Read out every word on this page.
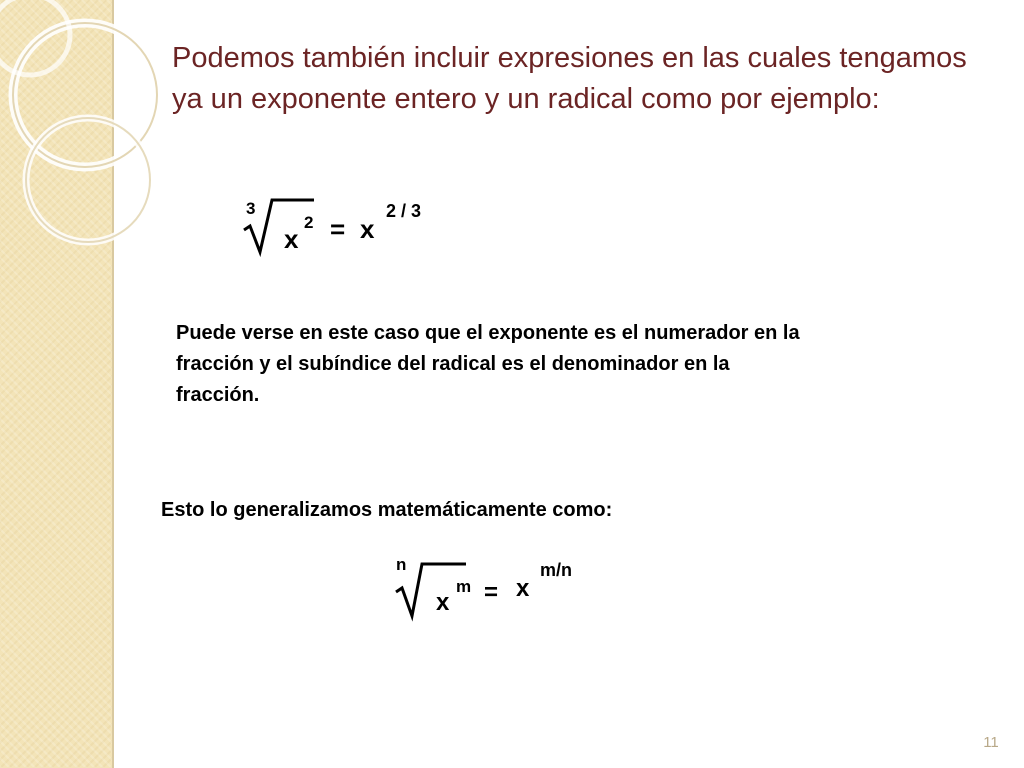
Podemos también incluir expresiones en las cuales tengamos ya un exponente entero y un radical como por ejemplo:
3
x
2 = x
2 / 3
Puede verse en este caso que el exponente es el numerador en la fracción y el subíndice del radical es el denominador en la fracción.
Esto lo generalizamos matemáticamente como:
n
x
m = x
m/n
11
